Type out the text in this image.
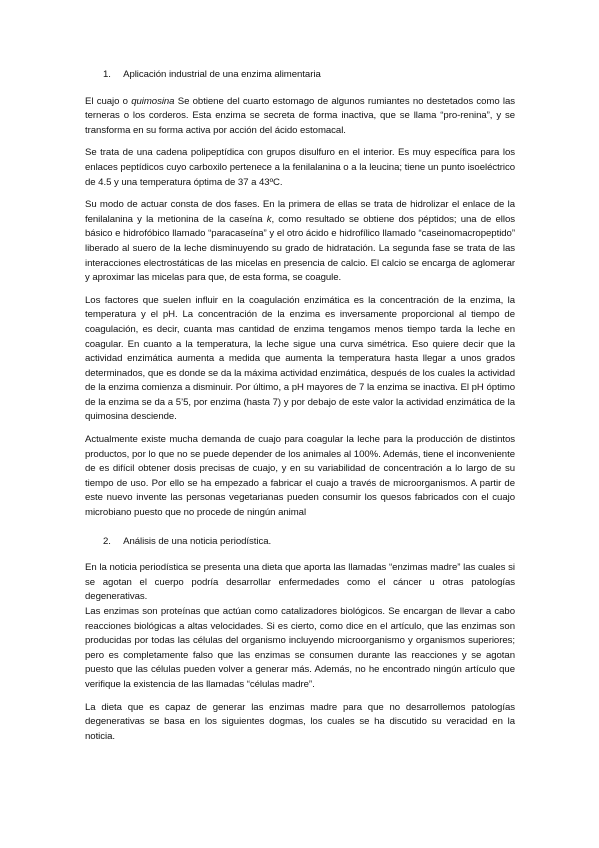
1. Aplicación industrial de una enzima alimentaria

El cuajo o quimosina Se obtiene del cuarto estomago de algunos rumiantes no destetados como las terneras o los corderos. Esta enzima se secreta de forma inactiva, que se llama “pro-renina”, y se transforma en su forma activa por acción del ácido estomacal.

Se trata de una cadena polipeptídica con grupos disulfuro en el interior. Es muy específica para los enlaces peptídicos cuyo carboxilo pertenece a la fenilalanina o a la leucina; tiene un punto isoeléctrico de 4.5 y una temperatura óptima de 37 a 43ºC.

Su modo de actuar consta de dos fases. En la primera de ellas se trata de hidrolizar el enlace de la fenilalanina y la metionina de la caseína k, como resultado se obtiene dos péptidos; una de ellos básico e hidrofóbico llamado “paracaseína” y el otro ácido e hidrofílico llamado “caseinomacropeptido” liberado al suero de la leche disminuyendo su grado de hidratación. La segunda fase se trata de las interacciones electrostáticas de las micelas en presencia de calcio. El calcio se encarga de aglomerar y aproximar las micelas para que, de esta forma, se coagule.

Los factores que suelen influir en la coagulación enzimática es la concentración de la enzima, la temperatura y el pH. La concentración de la enzima es inversamente proporcional al tiempo de coagulación, es decir, cuanta mas cantidad de enzima tengamos menos tiempo tarda la leche en coagular. En cuanto a la temperatura, la leche sigue una curva simétrica. Eso quiere decir que la actividad enzimática aumenta a medida que aumenta la temperatura hasta llegar a unos grados determinados, que es donde se da la máxima actividad enzimática, después de los cuales la actividad de la enzima comienza a disminuir. Por último, a pH mayores de 7 la enzima se inactiva. El pH óptimo de la enzima se da a 5’5, por enzima (hasta 7) y por debajo de este valor la actividad enzimática de la quimosina desciende.

Actualmente existe mucha demanda de cuajo para coagular la leche para la producción de distintos productos, por lo que no se puede depender de los animales al 100%. Además, tiene el inconveniente de es difícil obtener dosis precisas de cuajo, y en su variabilidad de concentración a lo largo de su tiempo de uso. Por ello se ha empezado a fabricar el cuajo a través de microorganismos. A partir de este nuevo invente las personas vegetarianas pueden consumir los quesos fabricados con el cuajo microbiano puesto que no procede de ningún animal

2. Análisis de una noticia periodística.

En la noticia periodística se presenta una dieta que aporta las llamadas “enzimas madre” las cuales si se agotan el cuerpo podría desarrollar enfermedades como el cáncer u otras patologías degenerativas.

Las enzimas son proteínas que actúan como catalizadores biológicos. Se encargan de llevar a cabo reacciones biológicas a altas velocidades. Si es cierto, como dice en el artículo, que las enzimas son producidas por todas las células del organismo incluyendo microorganismo y organismos superiores; pero es completamente falso que las enzimas se consumen durante las reacciones y se agotan puesto que las células pueden volver a generar más. Además, no he encontrado ningún artículo que verifique la existencia de las llamadas “células madre”.

La dieta que es capaz de generar las enzimas madre para que no desarrollemos patologías degenerativas se basa en los siguientes dogmas, los cuales se ha discutido su veracidad en la noticia.
